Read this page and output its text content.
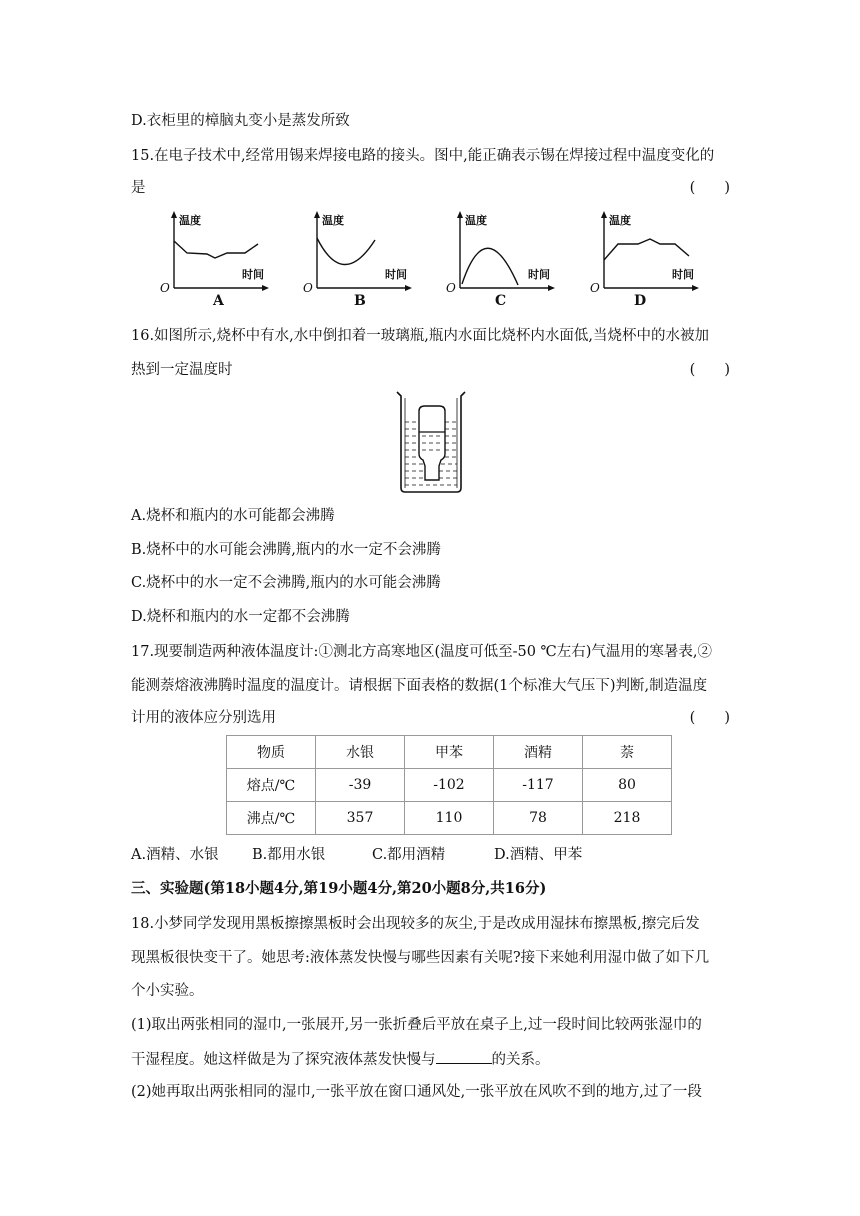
D.衣柜里的樟脑丸变小是蒸发所致
15.在电子技术中,经常用锡来焊接电路的接头。图中,能正确表示锡在焊接过程中温度变化的
是	(　　)
温度
时间
O
A
温度
时间
O
B
温度
时间
O
C
温度
时间
O
D
16.如图所示,烧杯中有水,水中倒扣着一玻璃瓶,瓶内水面比烧杯内水面低,当烧杯中的水被加
热到一定温度时	(　　)
A.烧杯和瓶内的水可能都会沸腾
B.烧杯中的水可能会沸腾,瓶内的水一定不会沸腾
C.烧杯中的水一定不会沸腾,瓶内的水可能会沸腾
D.烧杯和瓶内的水一定都不会沸腾
17.现要制造两种液体温度计:①测北方高寒地区(温度可低至-50 ℃左右)气温用的寒暑表,②
能测萘熔液沸腾时温度的温度计。请根据下面表格的数据(1个标准大气压下)判断,制造温度
计用的液体应分别选用	(　　)
物质	水银	甲苯	酒精	萘
熔点/℃	-39	-102	-117	80
沸点/℃	357	110	78	218
A.酒精、水银 B.都用水银	C.都用酒精	D.酒精、甲苯
三、实验题(第18小题4分,第19小题4分,第20小题8分,共16分)
18.小梦同学发现用黑板擦擦黑板时会出现较多的灰尘,于是改成用湿抹布擦黑板,擦完后发
现黑板很快变干了。她思考:液体蒸发快慢与哪些因素有关呢?接下来她利用湿巾做了如下几
个小实验。
(1)取出两张相同的湿巾,一张展开,另一张折叠后平放在桌子上,过一段时间比较两张湿巾的
干湿程度。她这样做是为了探究液体蒸发快慢与	的关系。
(2)她再取出两张相同的湿巾,一张平放在窗口通风处,一张平放在风吹不到的地方,过了一段
